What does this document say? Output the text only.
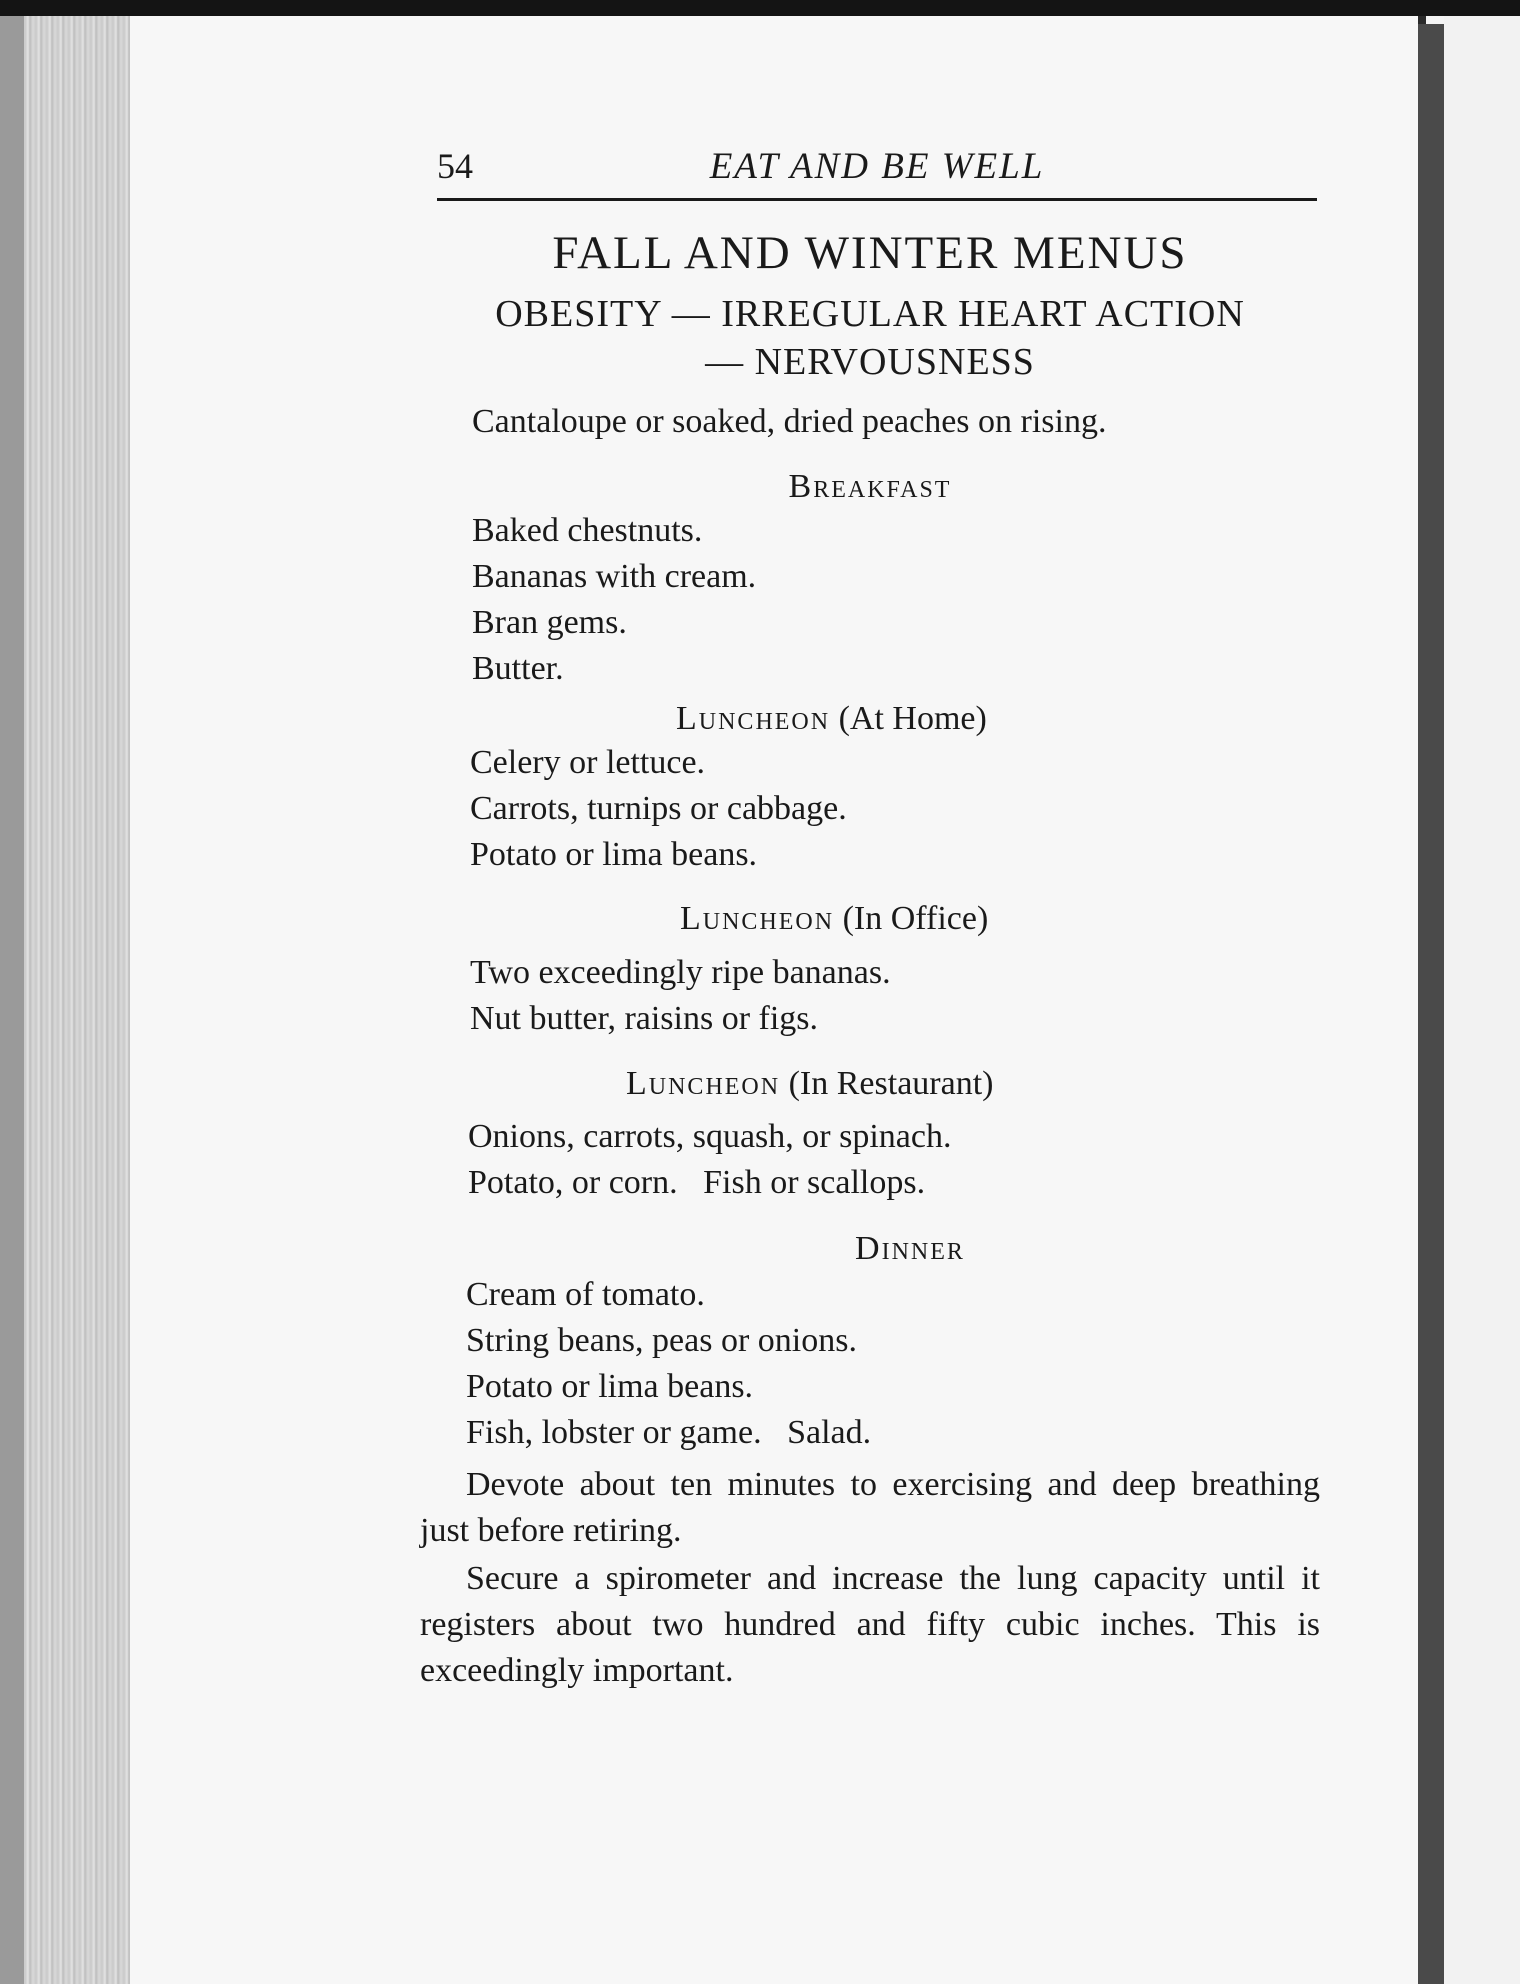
EAT AND BE WELL
54
FALL AND WINTER MENUS
OBESITY — IRREGULAR HEART ACTION
— NERVOUSNESS
Cantaloupe or soaked, dried peaches on rising.
Breakfast
Baked chestnuts.
Bananas with cream.
Bran gems.
Butter.
Luncheon (At Home)
Celery or lettuce.
Carrots, turnips or cabbage.
Potato or lima beans.
Luncheon (In Office)
Two exceedingly ripe bananas.
Nut butter, raisins or figs.
Luncheon (In Restaurant)
Onions, carrots, squash, or spinach.
Potato, or corn.   Fish or scallops.
Dinner
Cream of tomato.
String beans, peas or onions.
Potato or lima beans.
Fish, lobster or game.   Salad.
Devote about ten minutes to exercising and deep breathing just before retiring.
Secure a spirometer and increase the lung capacity until it registers about two hundred and fifty cubic inches. This is exceedingly important.
